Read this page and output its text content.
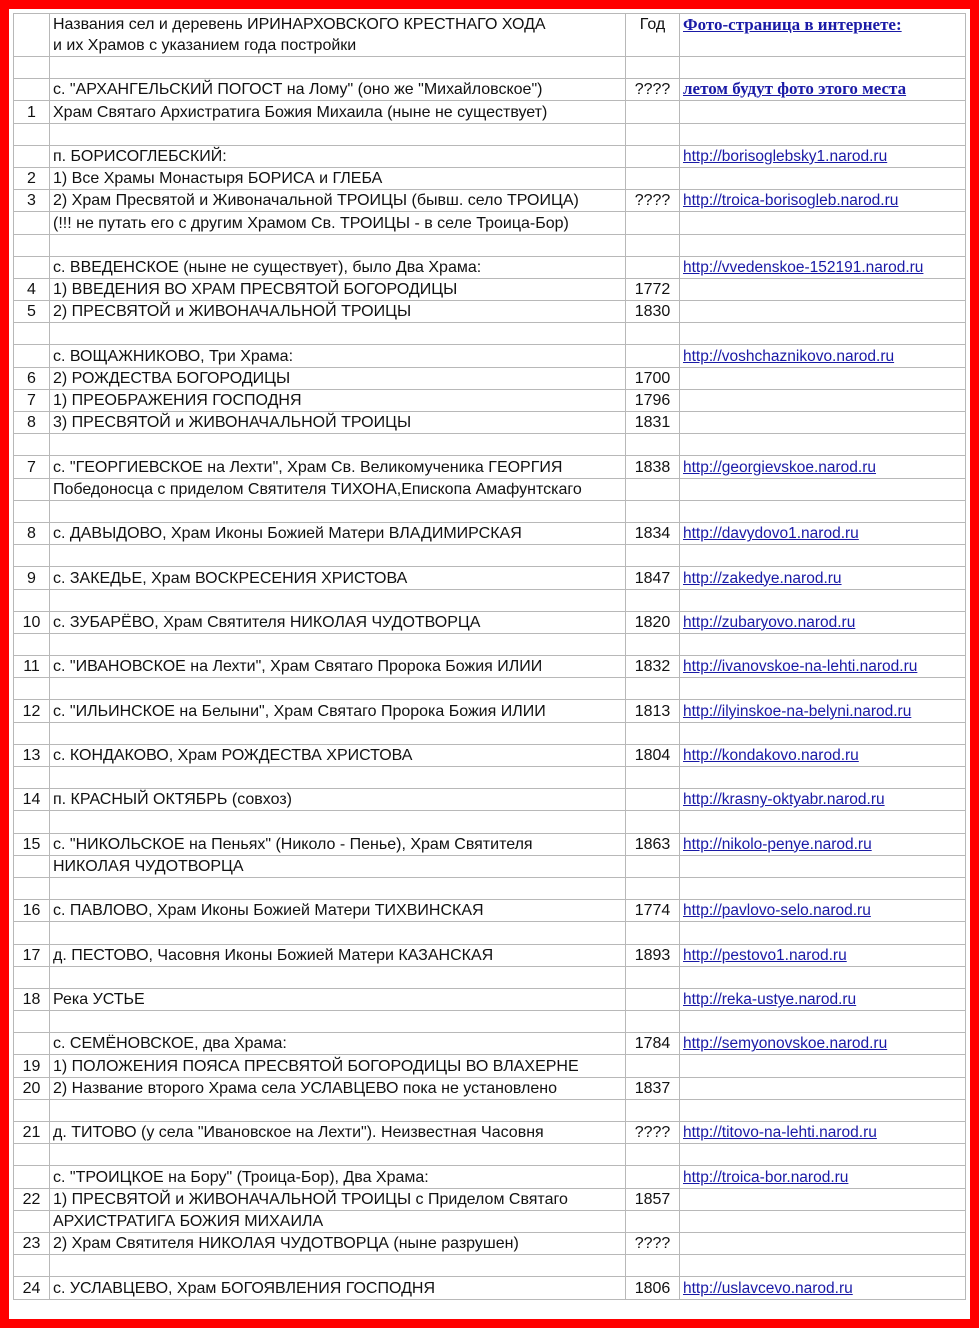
	Названия сел и деревень ИРИНАРХОВСКОГО КРЕСТНАГО ХОДА
и их Храмов с указанием года постройки	Год	Фото-страница в интернете:

	с. "АРХАНГЕЛЬСКИЙ ПОГОСТ на Лому" (оно же "Михайловское")	????	летом будут фото этого места
1	Храм Святаго Архистратига Божия Михаила (ныне не существует)		

	п. БОРИСОГЛЕБСКИЙ:		http://borisoglebsky1.narod.ru
2	1) Все Храмы Монастыря БОРИСА и ГЛЕБА		
3	2) Храм Пресвятой и Живоначальной ТРОИЦЫ (бывш. село ТРОИЦА)	????	http://troica-borisogleb.narod.ru
	(!!! не путать его с другим Храмом Св. ТРОИЦЫ - в селе Троица-Бор)		

	с. ВВЕДЕНСКОЕ (ныне не существует), было Два Храма:		http://vvedenskoe-152191.narod.ru
4	1) ВВЕДЕНИЯ ВО ХРАМ ПРЕСВЯТОЙ БОГОРОДИЦЫ	1772	
5	2) ПРЕСВЯТОЙ и ЖИВОНАЧАЛЬНОЙ ТРОИЦЫ	1830	

	с. ВОЩАЖНИКОВО, Три Храма:		http://voshchaznikovo.narod.ru
6	2) РОЖДЕСТВА БОГОРОДИЦЫ	1700	
7	1) ПРЕОБРАЖЕНИЯ ГОСПОДНЯ	1796	
8	3) ПРЕСВЯТОЙ и ЖИВОНАЧАЛЬНОЙ ТРОИЦЫ	1831	

7	с. "ГЕОРГИЕВСКОЕ на Лехти", Храм Св. Великомученика ГЕОРГИЯ	1838	http://georgievskoe.narod.ru
	Победоносца с приделом Святителя ТИХОНА,Епископа Амафунтскаго		

8	с. ДАВЫДОВО, Храм Иконы Божией Матери ВЛАДИМИРСКАЯ	1834	http://davydovo1.narod.ru

9	с. ЗАКЕДЬЕ, Храм ВОСКРЕСЕНИЯ ХРИСТОВА	1847	http://zakedye.narod.ru

10	с. ЗУБАРЁВО, Храм Святителя НИКОЛАЯ ЧУДОТВОРЦА	1820	http://zubaryovo.narod.ru

11	с. "ИВАНОВСКОЕ на Лехти", Храм Святаго Пророка Божия ИЛИИ	1832	http://ivanovskoe-na-lehti.narod.ru

12	с. "ИЛЬИНСКОЕ на Белыни", Храм Святаго Пророка Божия ИЛИИ	1813	http://ilyinskoe-na-belyni.narod.ru

13	с. КОНДАКОВО, Храм РОЖДЕСТВА ХРИСТОВА	1804	http://kondakovo.narod.ru

14	п. КРАСНЫЙ ОКТЯБРЬ (совхоз)		http://krasny-oktyabr.narod.ru

15	с. "НИКОЛЬСКОЕ на Пеньях" (Николо - Пенье), Храм Святителя	1863	http://nikolo-penye.narod.ru
	НИКОЛАЯ ЧУДОТВОРЦА		

16	с. ПАВЛОВО, Храм Иконы Божией Матери ТИХВИНСКАЯ	1774	http://pavlovo-selo.narod.ru

17	д. ПЕСТОВО, Часовня Иконы Божией Матери КАЗАНСКАЯ	1893	http://pestovo1.narod.ru

18	Река УСТЬЕ		http://reka-ustye.narod.ru

	с. СЕМЁНОВСКОЕ, два Храма:	1784	http://semyonovskoe.narod.ru
19	1) ПОЛОЖЕНИЯ ПОЯСА ПРЕСВЯТОЙ БОГОРОДИЦЫ ВО ВЛАХЕРНЕ		
20	2) Название второго Храма села УСЛАВЦЕВО пока не установлено	1837	

21	д. ТИТОВО (у села "Ивановское на Лехти"). Неизвестная Часовня	????	http://titovo-na-lehti.narod.ru

	с. "ТРОИЦКОЕ на Бору" (Троица-Бор), Два Храма:		http://troica-bor.narod.ru
22	1) ПРЕСВЯТОЙ и ЖИВОНАЧАЛЬНОЙ ТРОИЦЫ с Приделом Святаго	1857	
	АРХИСТРАТИГА БОЖИЯ МИХАИЛА		
23	2) Храм Святителя НИКОЛАЯ ЧУДОТВОРЦА (ныне разрушен)	????	

24	с. УСЛАВЦЕВО, Храм БОГОЯВЛЕНИЯ ГОСПОДНЯ	1806	http://uslavcevo.narod.ru
